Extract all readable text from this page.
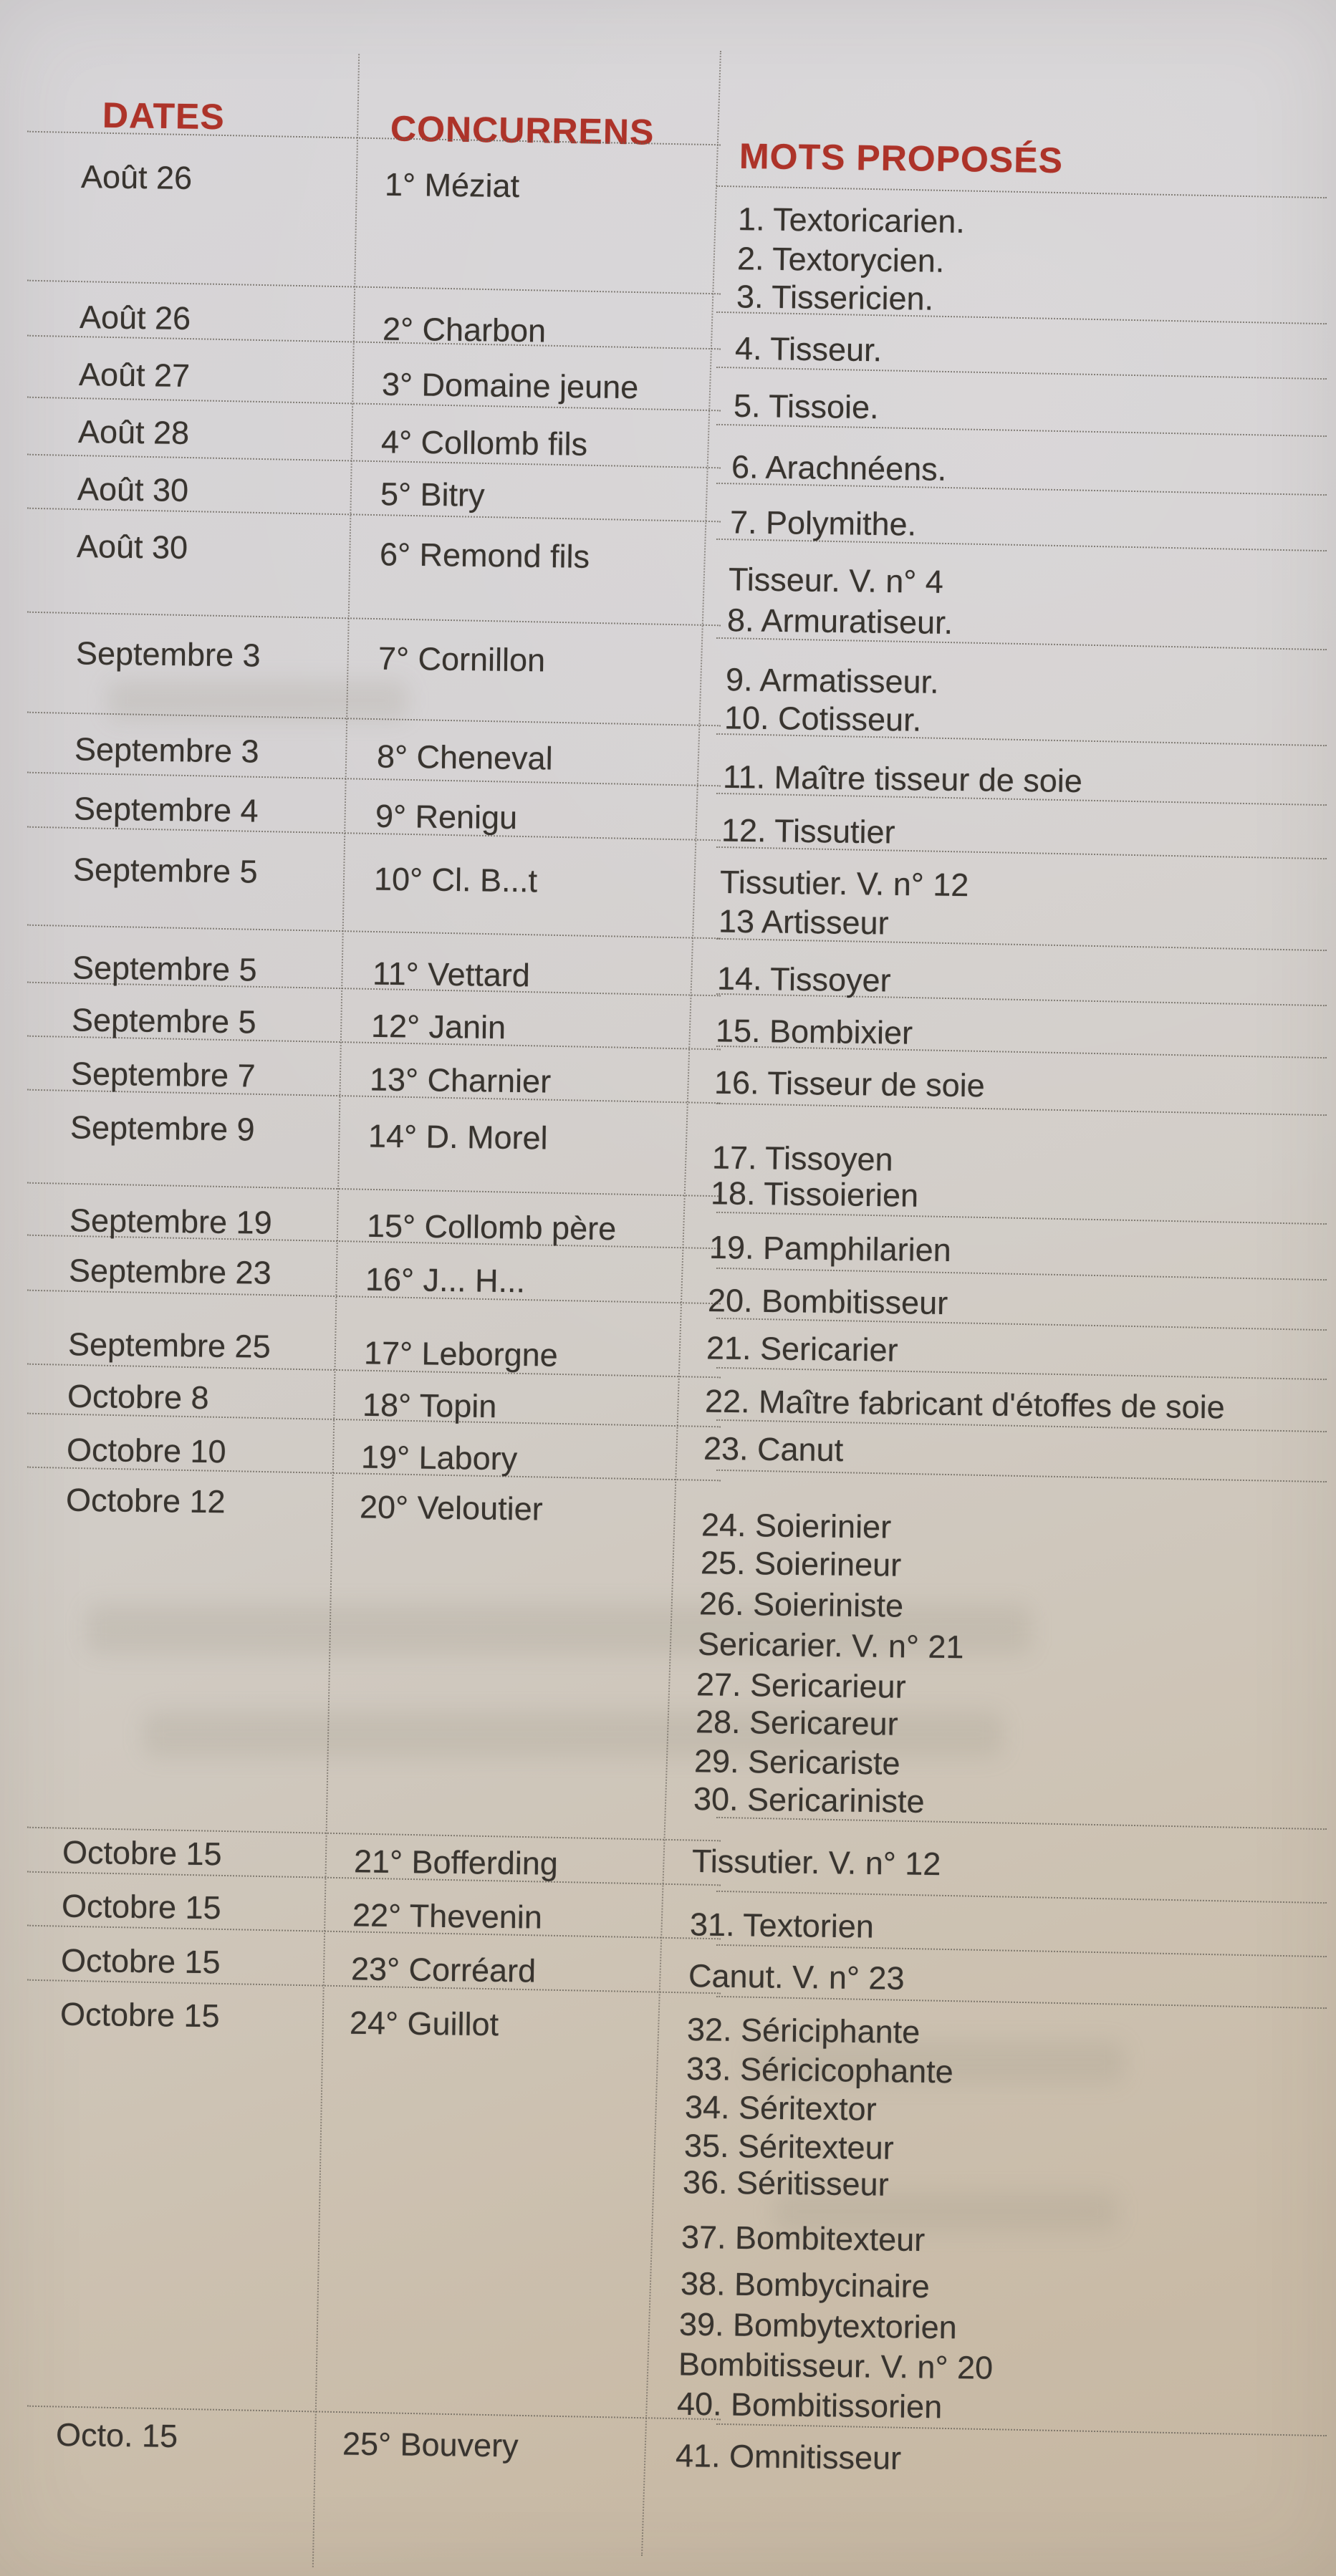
DATES	CONCURRENS
MOTS PROPOSÉS
Août 26
Août 26
Août 27
Août 28
Août 30
Août 30
Septembre 3
Septembre 3
Septembre 4
Septembre 5
Septembre 5
Septembre 5
Septembre 7
Septembre 9
Septembre 19
Septembre 23
Septembre 25
Octobre 8
Octobre 10
Octobre 12
Octobre 15
Octobre 15
Octobre 15
Octobre 15
Octo. 15
1° Méziat
2° Charbon
3° Domaine jeune
4° Collomb fils
5° Bitry
6° Remond fils
7° Cornillon
8° Cheneval
9° Renigu
10° Cl. B...t
11° Vettard
12° Janin
13° Charnier
14° D. Morel
15° Collomb père
16° J... H...
17° Leborgne
18° Topin
19° Labory
20° Veloutier
21° Bofferding
22° Thevenin
23° Corréard
24° Guillot
25° Bouvery
1. Textoricarien.
2. Textorycien.
3. Tissericien.
4. Tisseur.
5. Tissoie.
6. Arachnéens.
7. Polymithe.
Tisseur. V. n° 4
8. Armuratiseur.
9. Armatisseur.
10. Cotisseur.
11. Maître tisseur de soie
12. Tissutier
Tissutier. V. n° 12
13 Artisseur
14. Tissoyer
15. Bombixier
16. Tisseur de soie
17. Tissoyen
18. Tissoierien
19. Pamphilarien
20. Bombitisseur
21. Sericarier
22. Maître fabricant d'étoffes de soie
23. Canut
24. Soierinier
25. Soierineur
26. Soieriniste
Sericarier. V. n° 21
27. Sericarieur
28. Sericareur
29. Sericariste
30. Sericariniste
Tissutier. V. n° 12
31. Textorien
Canut. V. n° 23
32. Sériciphante
33. Séricicophante
34. Séritextor
35. Séritexteur
36. Séritisseur
37. Bombitexteur
38. Bombycinaire
39. Bombytextorien
Bombitisseur. V. n° 20
40. Bombitissorien
41. Omnitisseur
